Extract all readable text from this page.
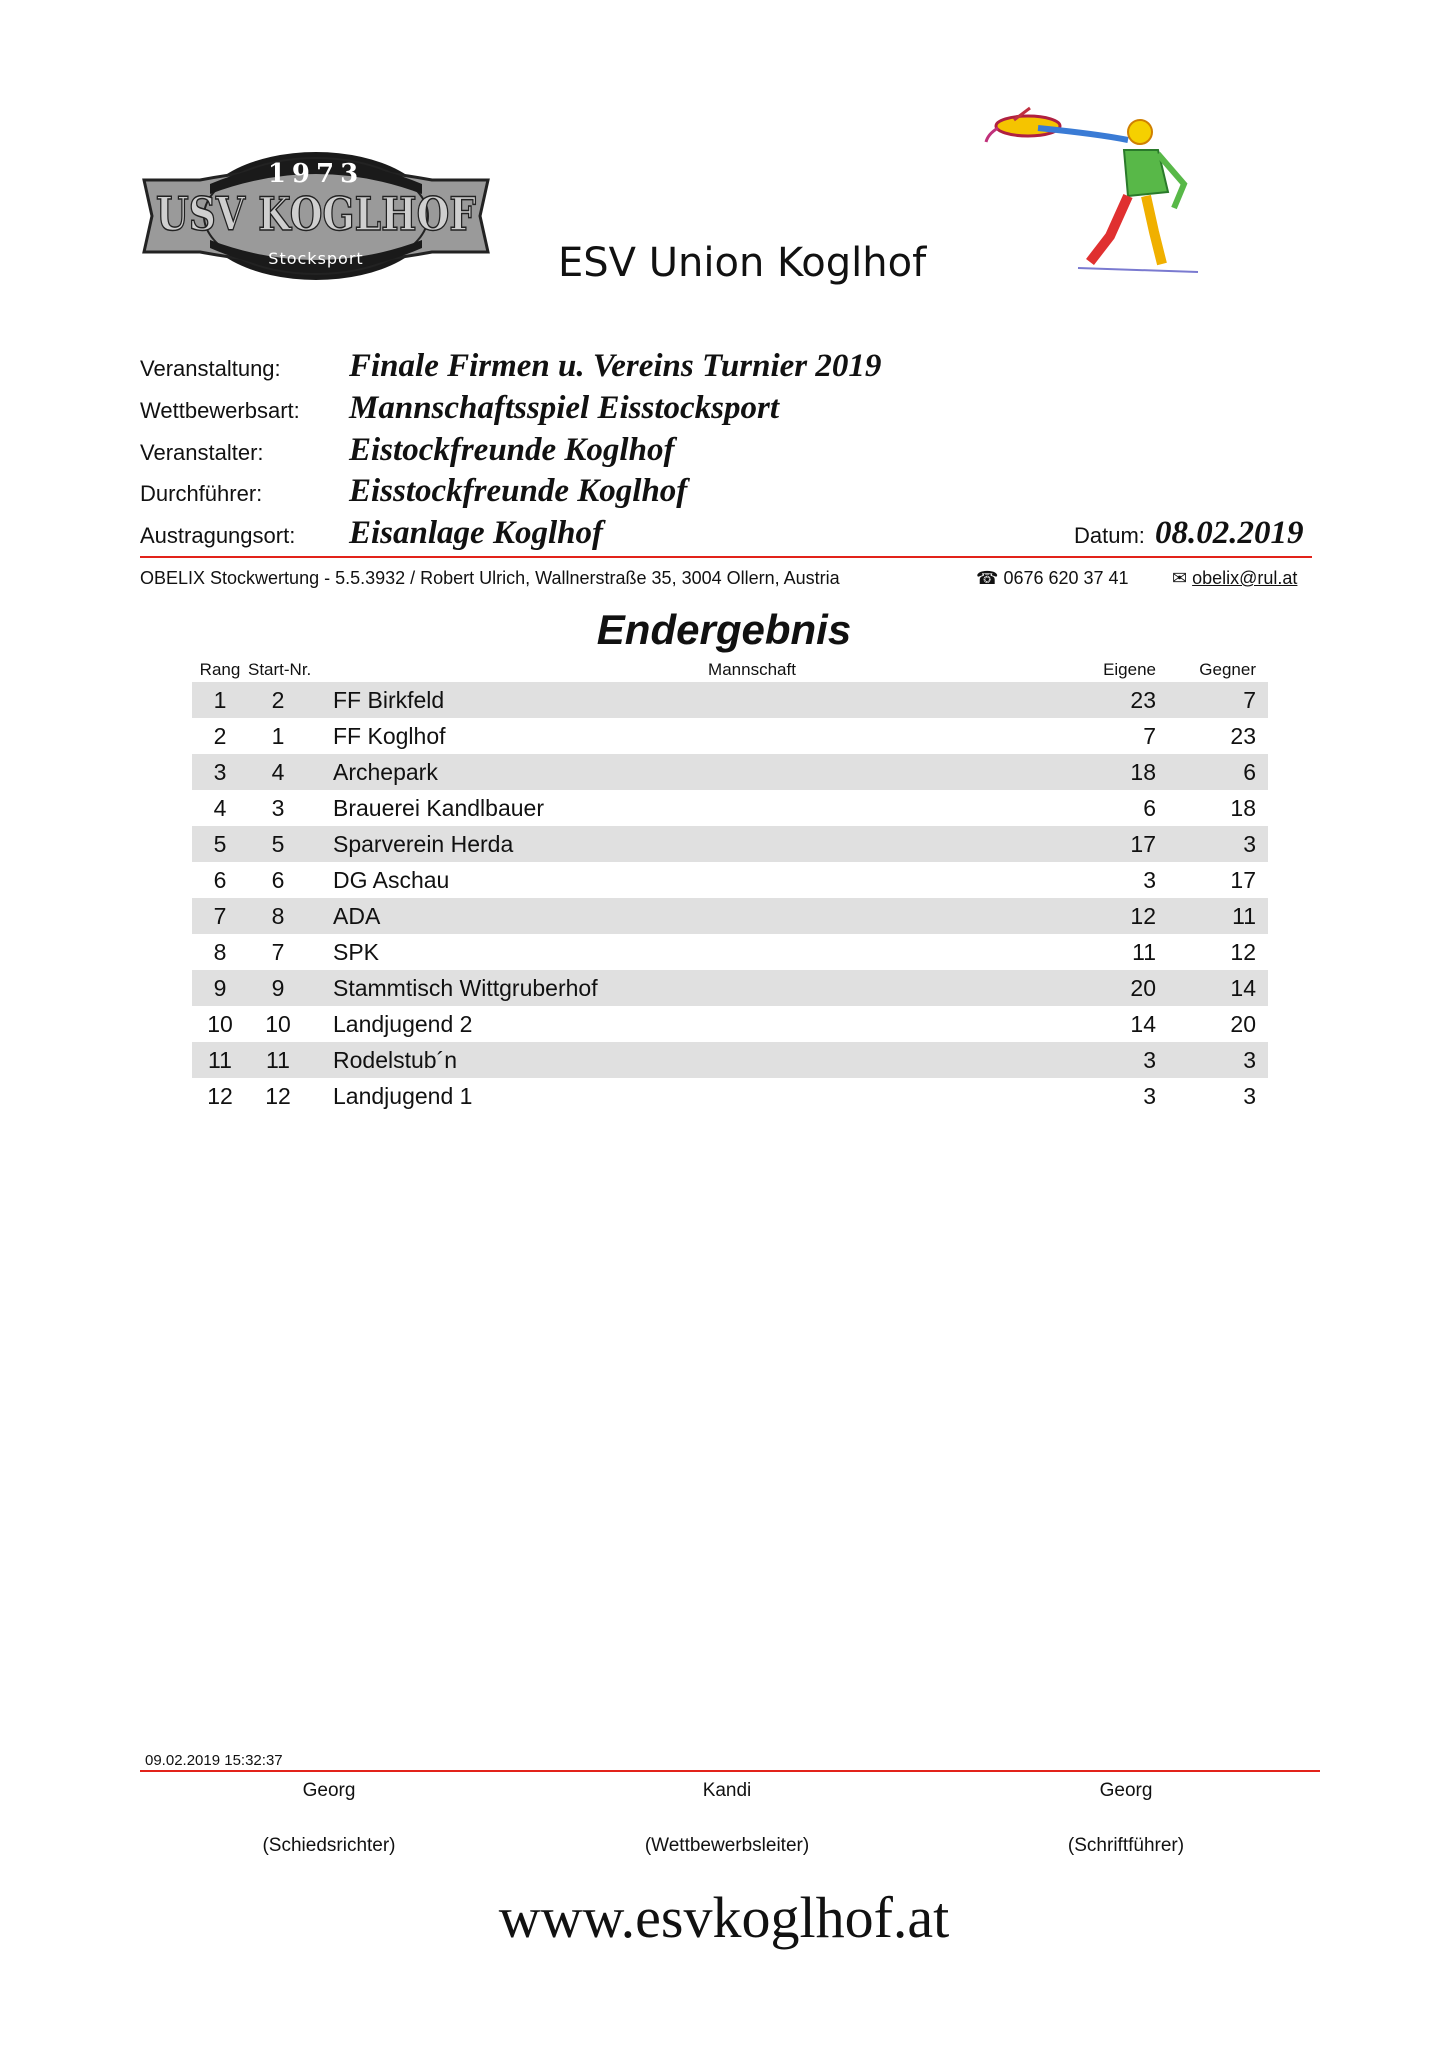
1973
USV KOGLHOF
Stocksport	ESV Union Koglhof
Veranstaltung: Finale Firmen u. Vereins Turnier 2019
Wettbewerbsart: Mannschaftsspiel Eisstocksport
Veranstalter:	Eistockfreunde Koglhof
Durchführer:	Eisstockfreunde Koglhof
Austragungsort: Eisanlage Koglhof	Datum: 08.02.2019
OBELIX Stockwertung - 5.5.3932 / Robert Ulrich, Wallnerstraße 35, 3004 Ollern, Austria	☎ 0676 620 37 41 ✉ obelix@rul.at
Endergebnis
Rang Start-Nr.	Mannschaft	Eigene	Gegner
1	2	FF Birkfeld	23	7
2	1	FF Koglhof	7	23
3	4	Archepark	18	6
4	3	Brauerei Kandlbauer	6	18
5	5	Sparverein Herda	17	3
6	6	DG Aschau	3	17
7	8	ADA	12	11
8	7	SPK	11	12
9	9	Stammtisch Wittgruberhof	20	14
10	10	Landjugend 2	14	20
11	11	Rodelstub´n	3	3
12	12	Landjugend 1	3	3
09.02.2019 15:32:37
Georg
(Schiedsrichter)
Kandi
(Wettbewerbsleiter)
Georg
(Schriftführer)
www.esvkoglhof.at
